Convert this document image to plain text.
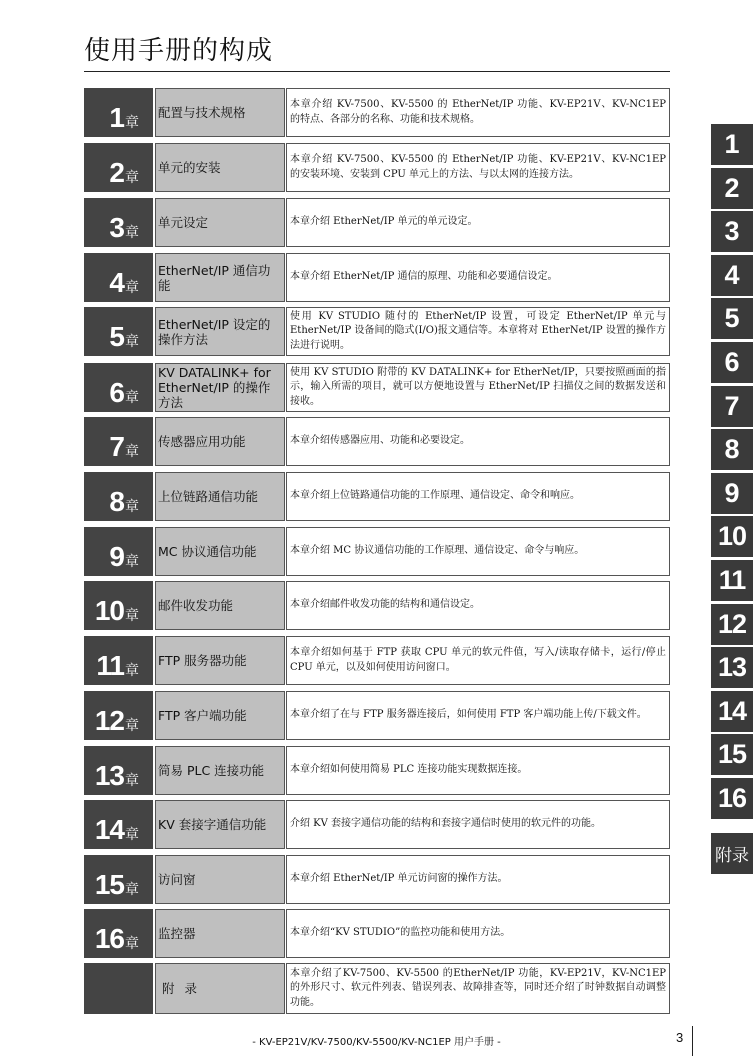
使用手册的构成
1 章
配置与技术规格
本章介绍 KV-7500、KV-5500 的 EtherNet/IP 功能、KV-EP21V、KV-NC1EP 的特点、各部分的名称、功能和技术规格。
2 章
单元的安装
本章介绍 KV-7500、KV-5500 的 EtherNet/IP 功能、KV-EP21V、KV-NC1EP 的安装环境、安装到 CPU 单元上的方法、与以太网的连接方法。
3 章
单元设定	本章介绍 EtherNet/IP 单元的单元设定。
4 章
EtherNet/IP 通信功能
本章介绍 EtherNet/IP 通信的原理、功能和必要通信设定。
5 章
EtherNet/IP 设定的操作方法
使用 KV STUDIO 随付的 EtherNet/IP 设置，可设定 EtherNet/IP 单元与 EtherNet/IP 设备间的隐式(I/O)报文通信等。本章将对 EtherNet/IP 设置的操作方法进行说明。
6 章
KV DATALINK+ for EtherNet/IP 的操作方法
使用 KV STUDIO 附带的 KV DATALINK+ for EtherNet/IP，只要按照画面的指示，输入所需的项目，就可以方便地设置与 EtherNet/IP 扫描仪之间的数据发送和接收。
7 章
传感器应用功能	本章介绍传感器应用、功能和必要设定。
8 章
上位链路通信功能	本章介绍上位链路通信功能的工作原理、通信设定、命令和响应。
9 章
MC 协议通信功能	本章介绍 MC 协议通信功能的工作原理、通信设定、命令与响应。
10 章
邮件收发功能	本章介绍邮件收发功能的结构和通信设定。
11 章
FTP 服务器功能
本章介绍如何基于 FTP 获取 CPU 单元的软元件值，写入/读取存储卡，运行/停止 CPU 单元，以及如何使用访问窗口。
12 章
FTP 客户端功能	本章介绍了在与 FTP 服务器连接后，如何使用 FTP 客户端功能上传/下载文件。
13 章
简易 PLC 连接功能	本章介绍如何使用简易 PLC 连接功能实现数据连接。
14 章
KV 套接字通信功能	介绍 KV 套接字通信功能的结构和套接字通信时使用的软元件的功能。
15 章
访问窗	本章介绍 EtherNet/IP 单元访问窗的操作方法。
16 章
监控器	本章介绍“KV STUDIO”的监控功能和使用方法。
附 录
本章介绍了KV-7500、KV-5500 的EtherNet/IP 功能，KV-EP21V，KV-NC1EP 的外形尺寸、软元件列表、错误列表、故障排查等，同时还介绍了时钟数据自动调整功能。
1
2
3
4
5
6
7
8
9
10
11
12
13
14
15
16
附录
- KV-EP21V/KV-7500/KV-5500/KV-NC1EP 用户手册 -	3
